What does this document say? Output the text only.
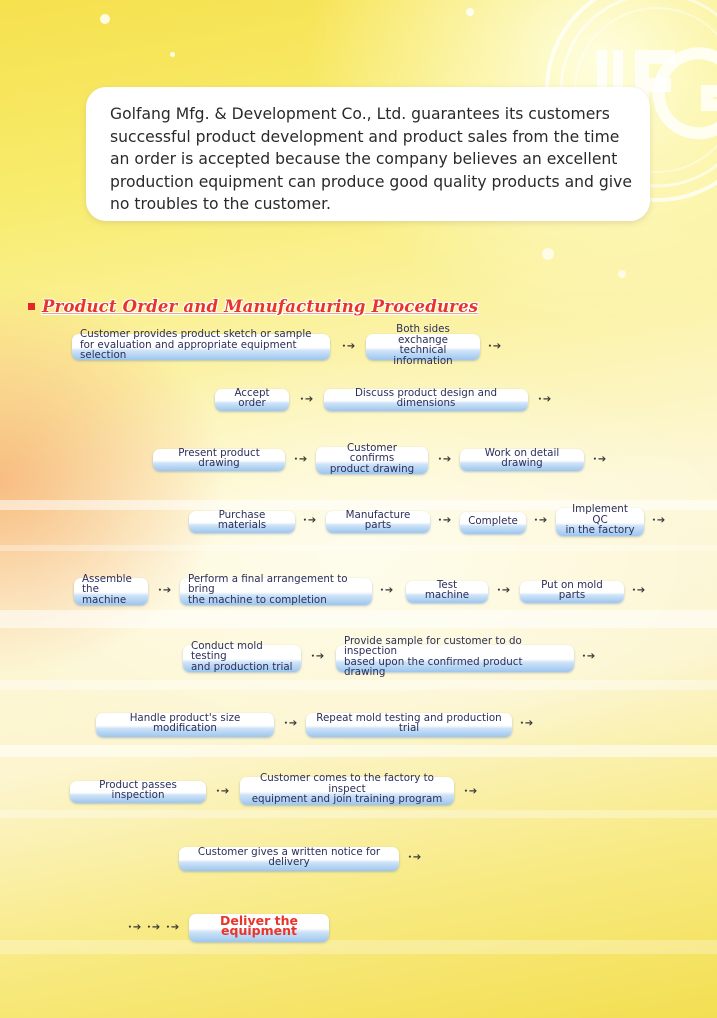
Golfang Mfg. & Development Co., Ltd. guarantees its customers successful product development and product sales from the time an order is accepted because the company believes an excellent production equipment can produce good quality products and give no troubles to the customer.
Product Order and Manufacturing Procedures
Customer provides product sketch or sample
for evaluation and appropriate equipment selection
• ➔
Both sides exchange
technical information
• ➔
Accept order	• ➔
Discuss product design and dimensions	• ➔
Present product drawing	• ➔
Customer confirms
product drawing
• ➔
Work on detail drawing	• ➔
Purchase materials	• ➔	Manufacture parts	• ➔ Complete	• ➔
Implement QC
in the factory
• ➔
Assemble
the machine
• ➔
Perform a final arrangement to bring
the machine to completion
• ➔	Test machine	• ➔	Put on mold parts	• ➔
Conduct mold testing
and production trial
• ➔
Provide sample for customer to do inspection
based upon the confirmed product drawing
• ➔
Handle product's size modification	• ➔ Repeat mold testing and production trial	• ➔
Product passes inspection	• ➔
Customer comes to the factory to inspect
equipment and join training program
• ➔
Customer gives a written notice for delivery	• ➔
• ➔ • ➔ • ➔	Deliver the equipment
